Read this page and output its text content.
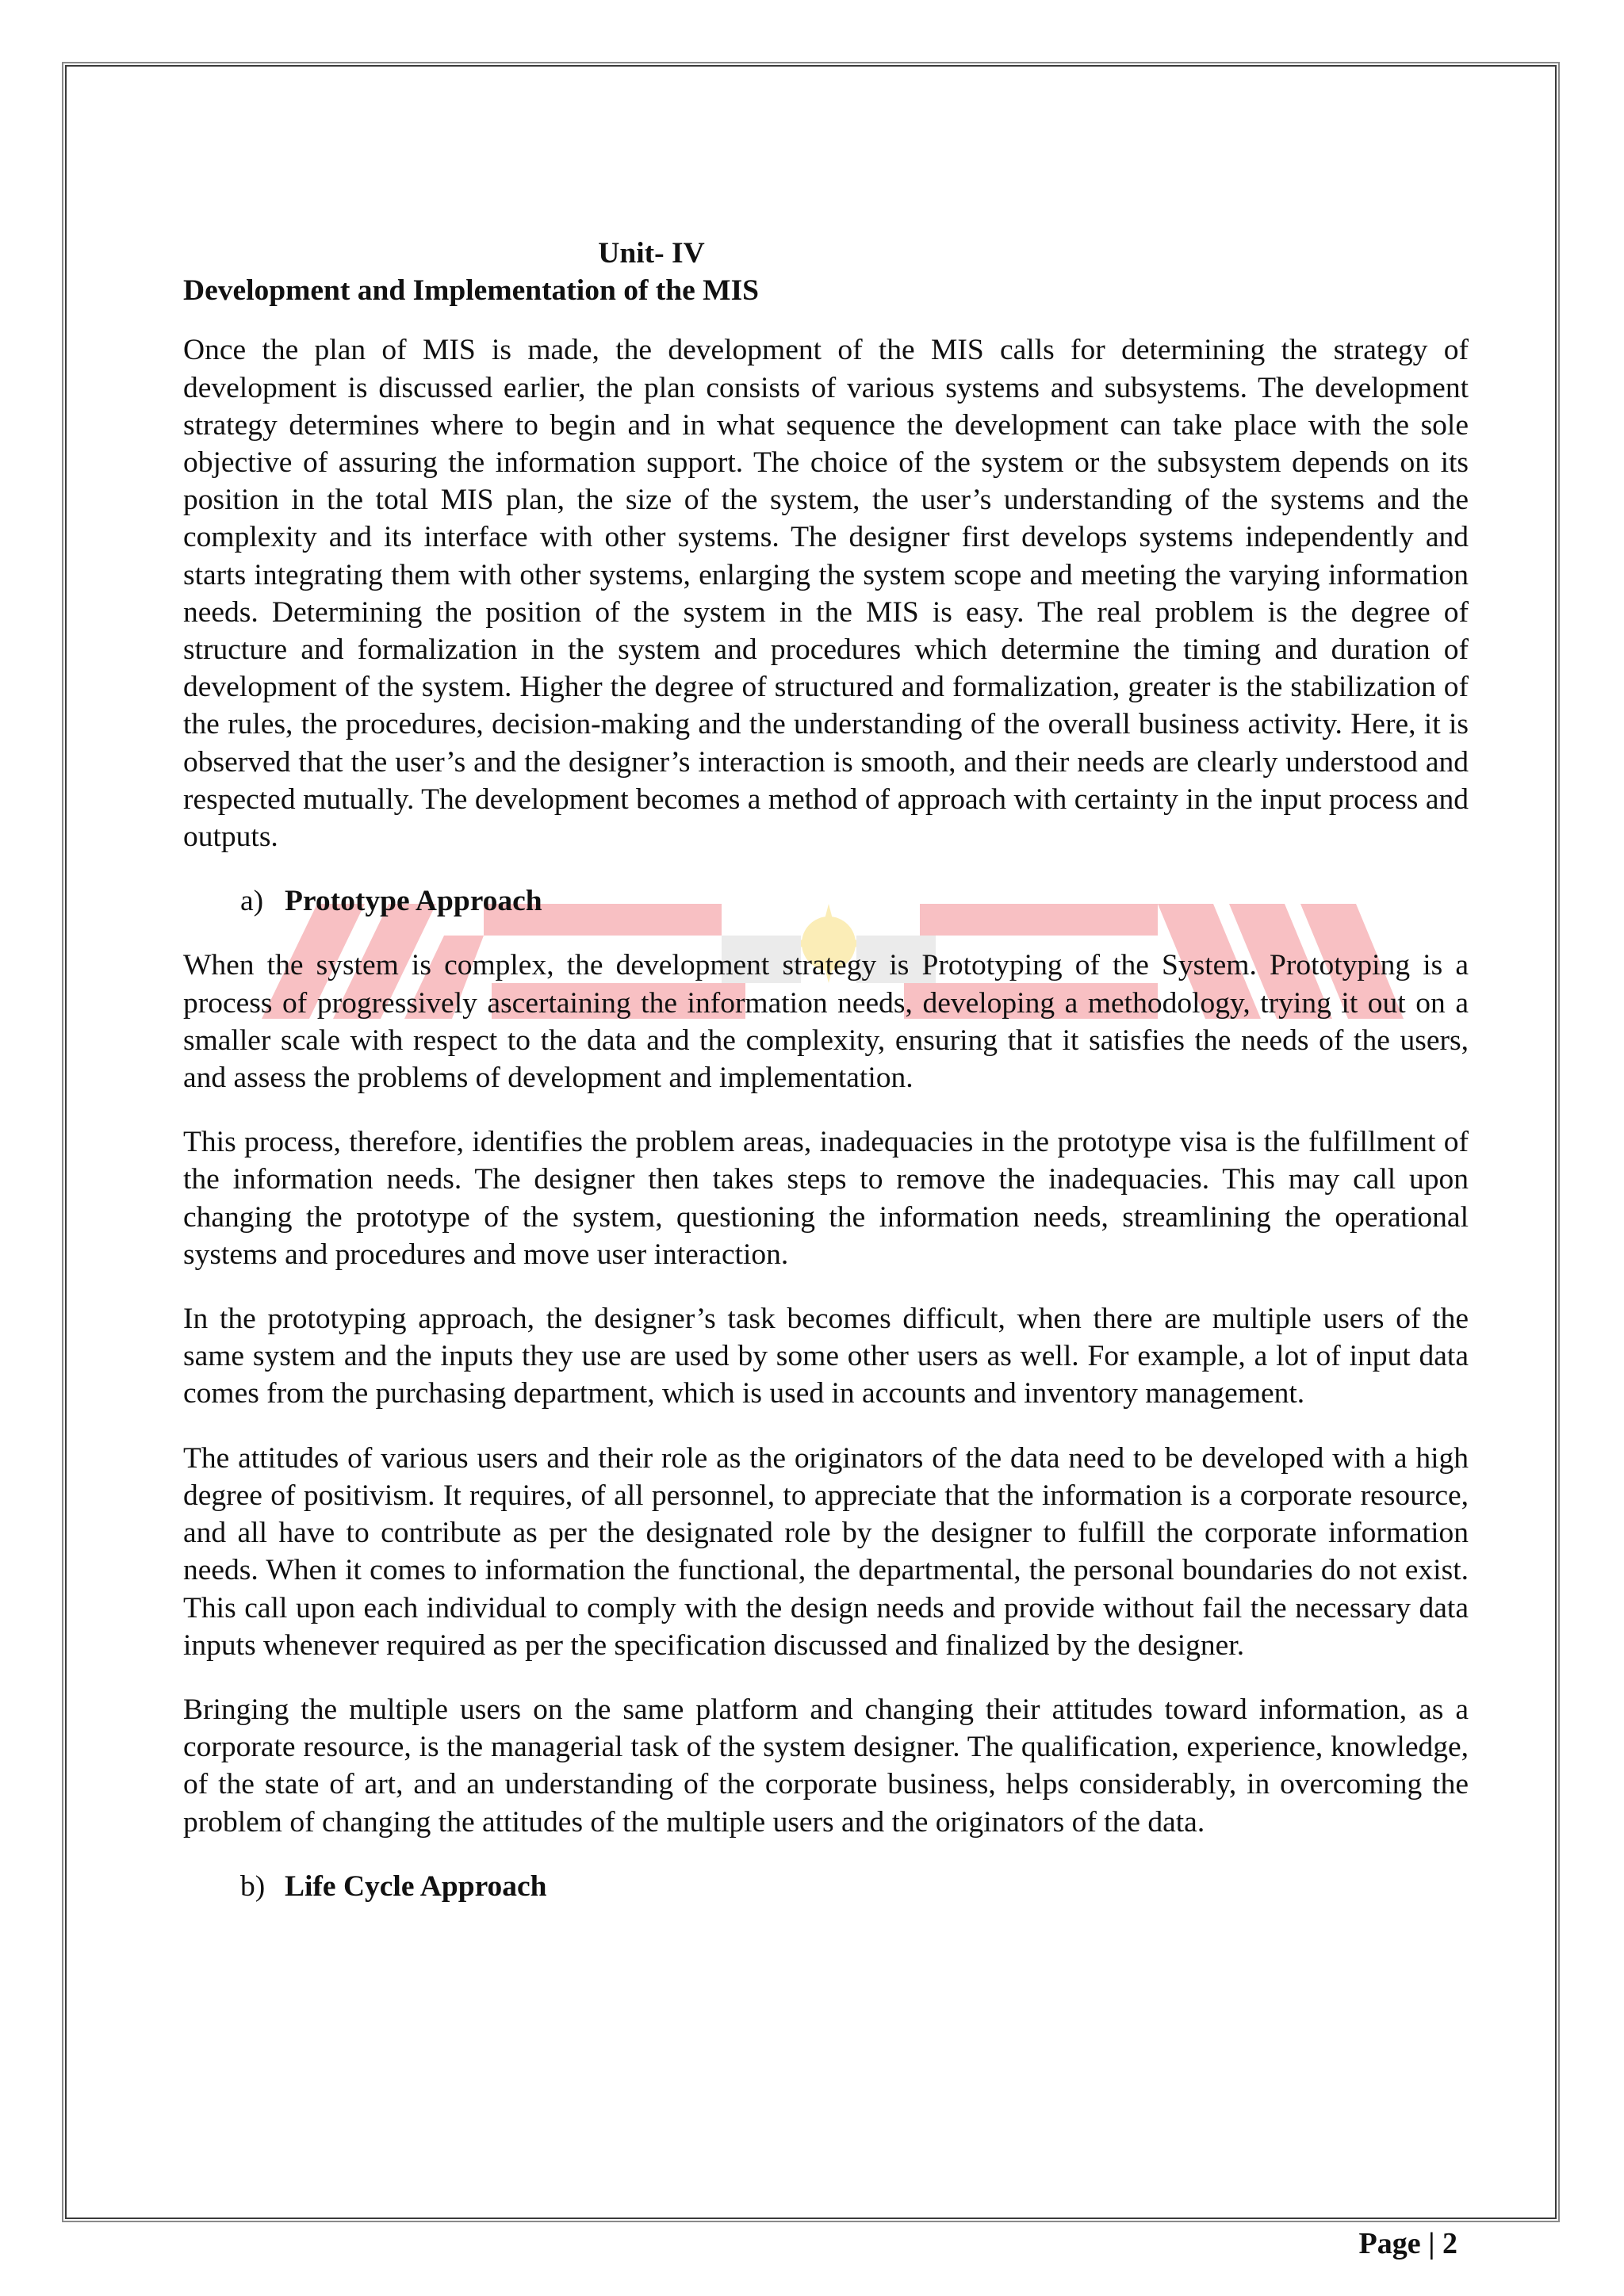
Unit- IV

Development and Implementation of the MIS

Once the plan of MIS is made, the development of the MIS calls for determining the strategy of development is discussed earlier, the plan consists of various systems and subsystems. The development strategy determines where to begin and in what sequence the development can take place with the sole objective of assuring the information support. The choice of the system or the subsystem depends on its position in the total MIS plan, the size of the system, the user’s understanding of the systems and the complexity and its interface with other systems. The designer first develops systems independently and starts integrating them with other systems, enlarging the system scope and meeting the varying information needs. Determining the position of the system in the MIS is easy. The real problem is the degree of structure and formalization in the system and procedures which determine the timing and duration of development of the system. Higher the degree of structured and formalization, greater is the stabilization of the rules, the procedures, decision-making and the understanding of the overall business activity. Here, it is observed that the user’s and the designer’s interaction is smooth, and their needs are clearly understood and respected mutually. The development becomes a method of approach with certainty in the input process and outputs.

a) Prototype Approach

When the system is complex, the development strategy is Prototyping of the System. Prototyping is a process of progressively ascertaining the information needs, developing a methodology, trying it out on a smaller scale with respect to the data and the complexity, ensuring that it satisfies the needs of the users, and assess the problems of development and implementation.

This process, therefore, identifies the problem areas, inadequacies in the prototype visa is the fulfillment of the information needs. The designer then takes steps to remove the inadequacies. This may call upon changing the prototype of the system, questioning the information needs, streamlining the operational systems and procedures and move user interaction.

In the prototyping approach, the designer’s task becomes difficult, when there are multiple users of the same system and the inputs they use are used by some other users as well. For example, a lot of input data comes from the purchasing department, which is used in accounts and inventory management.

The attitudes of various users and their role as the originators of the data need to be developed with a high degree of positivism. It requires, of all personnel, to appreciate that the information is a corporate resource, and all have to contribute as per the designated role by the designer to fulfill the corporate information needs. When it comes to information the functional, the departmental, the personal boundaries do not exist. This call upon each individual to comply with the design needs and provide without fail the necessary data inputs whenever required as per the specification discussed and finalized by the designer.

Bringing the multiple users on the same platform and changing their attitudes toward information, as a corporate resource, is the managerial task of the system designer. The qualification, experience, knowledge, of the state of art, and an understanding of the corporate business, helps considerably, in overcoming the problem of changing the attitudes of the multiple users and the originators of the data.

b) Life Cycle Approach

Page | 2
